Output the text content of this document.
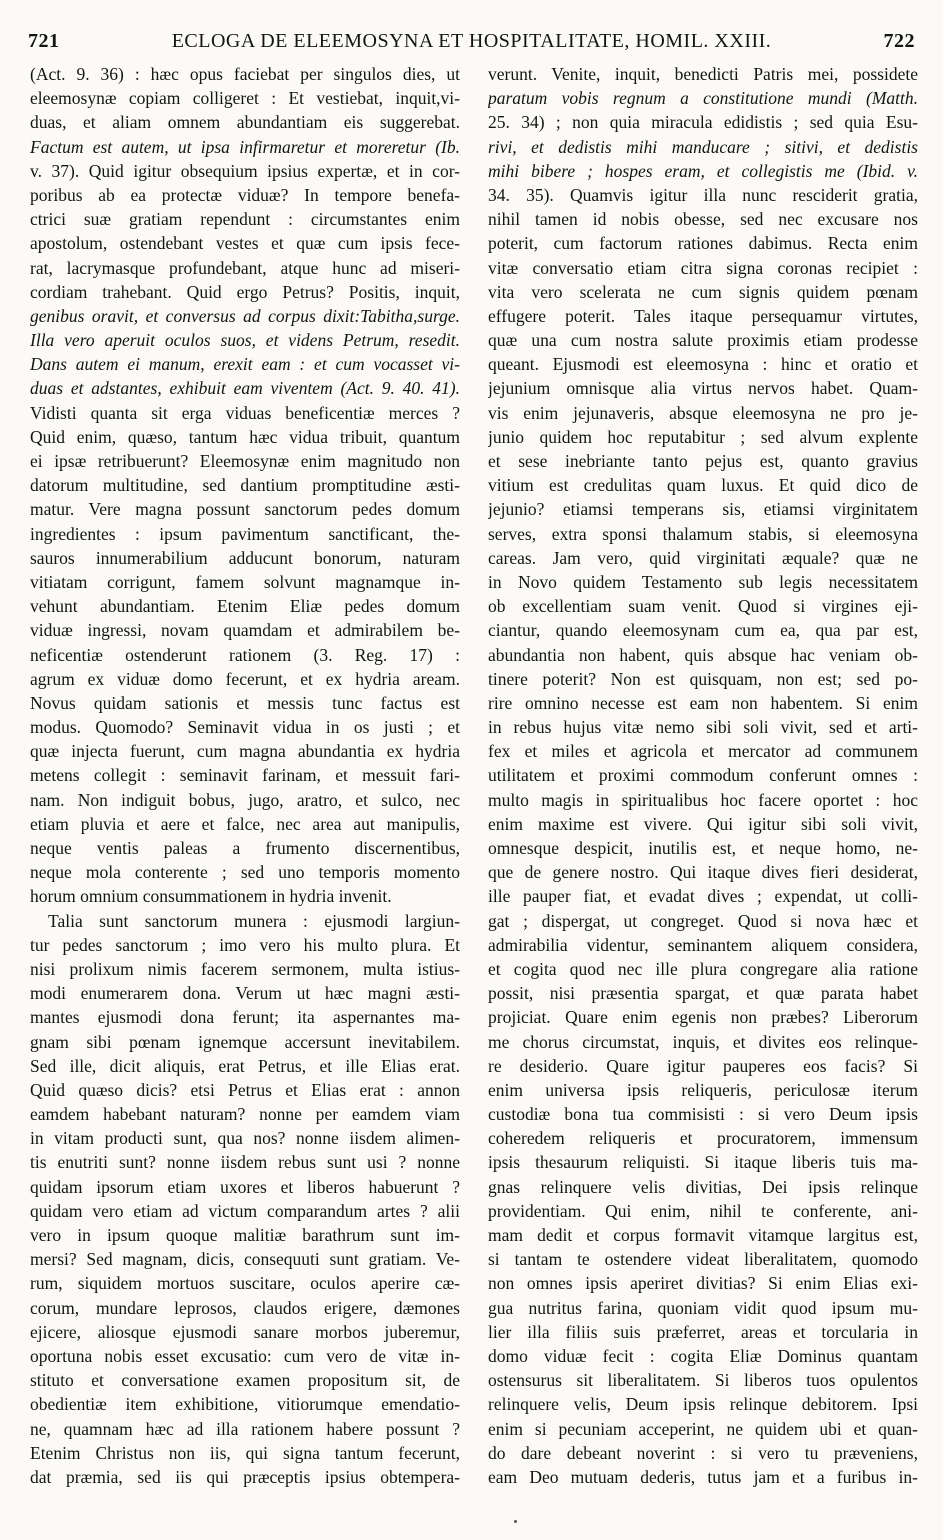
721	ECLOGA DE ELEEMOSYNA ET HOSPITALITATE, HOMIL. XXIII.	722
(Act. 9. 36) : hæc opus faciebat per singulos dies, ut
eleemosynæ copiam colligeret : Et vestiebat, inquit,vi-
duas, et aliam omnem abundantiam eis suggerebat.
Factum est autem, ut ipsa infirmaretur et moreretur (Ib.
v. 37). Quid igitur obsequium ipsius expertæ, et in cor-
poribus ab ea protectæ viduæ? In tempore benefa-
ctrici suæ gratiam rependunt : circumstantes enim
apostolum, ostendebant vestes et quæ cum ipsis fece-
rat, lacrymasque profundebant, atque hunc ad miseri-
cordiam trahebant. Quid ergo Petrus? Positis, inquit,
genibus oravit, et conversus ad corpus dixit:Tabitha,surge.
Illa vero aperuit oculos suos, et videns Petrum, resedit.
Dans autem ei manum, erexit eam : et cum vocasset vi-
duas et adstantes, exhibuit eam viventem (Act. 9. 40. 41).
Vidisti quanta sit erga viduas beneficentiæ merces ?
Quid enim, quæso, tantum hæc vidua tribuit, quantum
ei ipsæ retribuerunt? Eleemosynæ enim magnitudo non
datorum multitudine, sed dantium promptitudine æsti-
matur. Vere magna possunt sanctorum pedes domum
ingredientes : ipsum pavimentum sanctificant, the-
sauros innumerabilium adducunt bonorum, naturam
vitiatam corrigunt, famem solvunt magnamque in-
vehunt abundantiam. Etenim Eliæ pedes domum
viduæ ingressi, novam quamdam et admirabilem be-
neficentiæ ostenderunt rationem (3. Reg. 17) :
agrum ex viduæ domo fecerunt, et ex hydria aream.
Novus quidam sationis et messis tunc factus est
modus. Quomodo? Seminavit vidua in os justi ; et
quæ injecta fuerunt, cum magna abundantia ex hydria
metens collegit : seminavit farinam, et messuit fari-
nam. Non indiguit bobus, jugo, aratro, et sulco, nec
etiam pluvia et aere et falce, nec area aut manipulis,
neque ventis paleas a frumento discernentibus,
neque mola conterente ; sed uno temporis momento
horum omnium consummationem in hydria invenit.
Talia sunt sanctorum munera : ejusmodi largiun-
tur pedes sanctorum ; imo vero his multo plura. Et
nisi prolixum nimis facerem sermonem, multa istius-
modi enumerarem dona. Verum ut hæc magni æsti-
mantes ejusmodi dona ferunt; ita aspernantes ma-
gnam sibi pœnam ignemque accersunt inevitabilem.
Sed ille, dicit aliquis, erat Petrus, et ille Elias erat.
Quid quæso dicis? etsi Petrus et Elias erat : annon
eamdem habebant naturam? nonne per eamdem viam
in vitam producti sunt, qua nos? nonne iisdem alimen-
tis enutriti sunt? nonne iisdem rebus sunt usi ? nonne
quidam ipsorum etiam uxores et liberos habuerunt ?
quidam vero etiam ad victum comparandum artes ? alii
vero in ipsum quoque malitiæ barathrum sunt im-
mersi? Sed magnam, dicis, consequuti sunt gratiam. Ve-
rum, siquidem mortuos suscitare, oculos aperire cæ-
corum, mundare leprosos, claudos erigere, dæmones
ejicere, aliosque ejusmodi sanare morbos juberemur,
oportuna nobis esset excusatio: cum vero de vitæ in-
stituto et conversatione examen propositum sit, de
obedientiæ item exhibitione, vitiorumque emendatio-
ne, quamnam hæc ad illa rationem habere possunt ?
Etenim Christus non iis, qui signa tantum fecerunt,
dat præmia, sed iis qui præceptis ipsius obtempera-
verunt. Venite, inquit, benedicti Patris mei, possidete
paratum vobis regnum a constitutione mundi (Matth.
25. 34) ; non quia miracula edidistis ; sed quia Esu-
rivi, et dedistis mihi manducare ; sitivi, et dedistis
mihi bibere ; hospes eram, et collegistis me (Ibid. v.
34. 35). Quamvis igitur illa nunc resciderit gratia,
nihil tamen id nobis obesse, sed nec excusare nos
poterit, cum factorum rationes dabimus. Recta enim
vitæ conversatio etiam citra signa coronas recipiet :
vita vero scelerata ne cum signis quidem pœnam
effugere poterit. Tales itaque persequamur virtutes,
quæ una cum nostra salute proximis etiam prodesse
queant. Ejusmodi est eleemosyna : hinc et oratio et
jejunium omnisque alia virtus nervos habet. Quam-
vis enim jejunaveris, absque eleemosyna ne pro je-
junio quidem hoc reputabitur ; sed alvum explente
et sese inebriante tanto pejus est, quanto gravius
vitium est credulitas quam luxus. Et quid dico de
jejunio? etiamsi temperans sis, etiamsi virginitatem
serves, extra sponsi thalamum stabis, si eleemosyna
careas. Jam vero, quid virginitati æquale? quæ ne
in Novo quidem Testamento sub legis necessitatem
ob excellentiam suam venit. Quod si virgines eji-
ciantur, quando eleemosynam cum ea, qua par est,
abundantia non habent, quis absque hac veniam ob-
tinere poterit? Non est quisquam, non est; sed po-
rire omnino necesse est eam non habentem. Si enim
in rebus hujus vitæ nemo sibi soli vivit, sed et arti-
fex et miles et agricola et mercator ad communem
utilitatem et proximi commodum conferunt omnes :
multo magis in spiritualibus hoc facere oportet : hoc
enim maxime est vivere. Qui igitur sibi soli vivit,
omnesque despicit, inutilis est, et neque homo, ne-
que de genere nostro. Qui itaque dives fieri desiderat,
ille pauper fiat, et evadat dives ; expendat, ut colli-
gat ; dispergat, ut congreget. Quod si nova hæc et
admirabilia videntur, seminantem aliquem considera,
et cogita quod nec ille plura congregare alia ratione
possit, nisi præsentia spargat, et quæ parata habet
projiciat. Quare enim egenis non præbes? Liberorum
me chorus circumstat, inquis, et divites eos relinque-
re desiderio. Quare igitur pauperes eos facis? Si
enim universa ipsis reliqueris, periculosæ iterum
custodiæ bona tua commisisti : si vero Deum ipsis
coheredem reliqueris et procuratorem, immensum
ipsis thesaurum reliquisti. Si itaque liberis tuis ma-
gnas relinquere velis divitias, Dei ipsis relinque
providentiam. Qui enim, nihil te conferente, ani-
mam dedit et corpus formavit vitamque largitus est,
si tantam te ostendere videat liberalitatem, quomodo
non omnes ipsis aperiret divitias? Si enim Elias exi-
gua nutritus farina, quoniam vidit quod ipsum mu-
lier illa filiis suis præferret, areas et torcularia in
domo viduæ fecit : cogita Eliæ Dominus quantam
ostensurus sit liberalitatem. Si liberos tuos opulentos
relinquere velis, Deum ipsis relinque debitorem. Ipsi
enim si pecuniam acceperint, ne quidem ubi et quan-
do dare debeant noverint : si vero tu præveniens,
eam Deo mutuam dederis, tutus jam et a furibus in-
